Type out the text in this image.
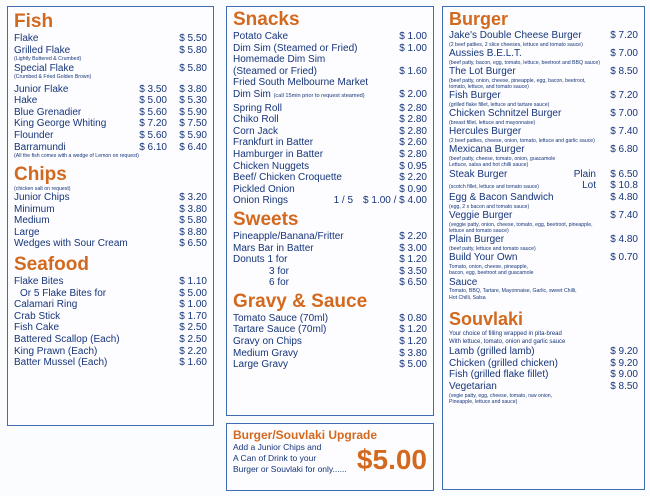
Fish
Flake	$ 5.50
Grilled Flake	$ 5.80
(Lightly Buttered & Crumbed)
Special Flake	$ 5.80
(Crumbed & Fried Golden Brown)
Junior Flake	$ 3.50	$ 3.80
Hake	$ 5.00	$ 5.30
Blue Grenadier	$ 5.60	$ 5.90
King George Whiting	$ 7.20	$ 7.50
Flounder	$ 5.60	$ 5.90
Barramundi	$ 6.10	$ 6.40
(All the fish comes with a wedge of Lemon on request)
Chips
(chicken salt on request)
Junior Chips	$ 3.20
Minimum	$ 3.80
Medium	$ 5.80
Large	$ 8.80
Wedges with Sour Cream	$ 6.50
Seafood
Flake Bites	$ 1.10
Or 5 Flake Bites for	$ 5.00
Calamari Ring	$ 1.00
Crab Stick	$ 1.70
Fish Cake	$ 2.50
Battered Scallop (Each)	$ 2.50
King Prawn (Each)	$ 2.20
Batter Mussel (Each)	$ 1.60
Snacks
Potato Cake	$ 1.00
Dim Sim (Steamed or Fried)	$ 1.00
Homemade Dim Sim
(Steamed or Fried)	$ 1.60
Fried South Melbourne Market
Dim Sim (call 15min prior to request steamed)	$ 2.00
Spring Roll	$ 2.80
Chiko Roll	$ 2.80
Corn Jack	$ 2.80
Frankfurt in Batter	$ 2.60
Hamburger in Batter	$ 2.80
Chicken Nuggets	$ 0.95
Beef/ Chicken Croquette	$ 2.20
Pickled Onion	$ 0.90
Onion Rings	1 / 5 $ 1.00 / $ 4.00
Sweets
Pineapple/Banana/Fritter	$ 2.20
Mars Bar in Batter	$ 3.00
Donuts 1 for	$ 1.20
3 for	$ 3.50
6 for	$ 6.50
Gravy & Sauce
Tomato Sauce (70ml)	$ 0.80
Tartare Sauce (70ml)	$ 1.20
Gravy on Chips	$ 1.20
Medium Gravy	$ 3.80
Large Gravy	$ 5.00
Burger/Souvlaki Upgrade
Add a Junior Chips and
A Can of Drink to your
Burger or Souvlaki for only...... $5.00
Burger
Jake's Double Cheese Burger	$ 7.20
(2 beef patties, 2 slice cheeses, lettuce and tomato sauce)
Aussies B.E.L.T.	$ 7.00
(beef patty, bacon, egg, tomato, lettuce, beetroot and BBQ sauce)
The Lot Burger	$ 8.50
(beef patty, onion, cheese, pineapple, egg, bacon, beetroot,
tomato, lettuce, and tomato sauce)
Fish Burger	$ 7.20
(grilled flake fillet, lettuce and tartare sauce)
Chicken Schnitzel Burger	$ 7.00
(breast fillet, lettuce and mayonnaise)
Hercules Burger	$ 7.40
(2 beef patties, cheese, onion, tomato, lettuce and garlic sauce)
Mexicana Burger	$ 6.80
(beef patty, cheese, tomato, onion, guacamole
Lettuce, salsa and hot chilli sauce)
Steak Burger	Plain	$ 6.50
(scotch fillet, lettuce and tomato sauce)	Lot	$ 10.8
Egg & Bacon Sandwich	$ 4.80
(egg, 2 x bacon and tomato sauce)
Veggie Burger	$ 7.40
(veggie patty, onion, cheese, tomato, egg, beetroot, pineapple,
lettuce and tomato sauce)
Plain Burger	$ 4.80
(beef patty, lettuce and tomato sauce)
Build Your Own	$ 0.70
Tomato, onion, cheese, pineapple,
bacon, egg, beetroot and guacamole
Sauce
Tomato, BBQ, Tartare, Mayonnaise, Garlic, sweet Chilli,
Hot Chilli, Salsa
Souvlaki
Your choice of filling wrapped in pita-bread
With lettuce, tomato, onion and garlic sauce
Lamb (grilled lamb)	$ 9.20
Chicken (grilled chicken)	$ 9.20
Fish (grilled flake fillet)	$ 9.00
Vegetarian	$ 8.50
(vegie patty, egg, cheese, tomato, raw onion,
Pineapple, lettuce and sauce)
